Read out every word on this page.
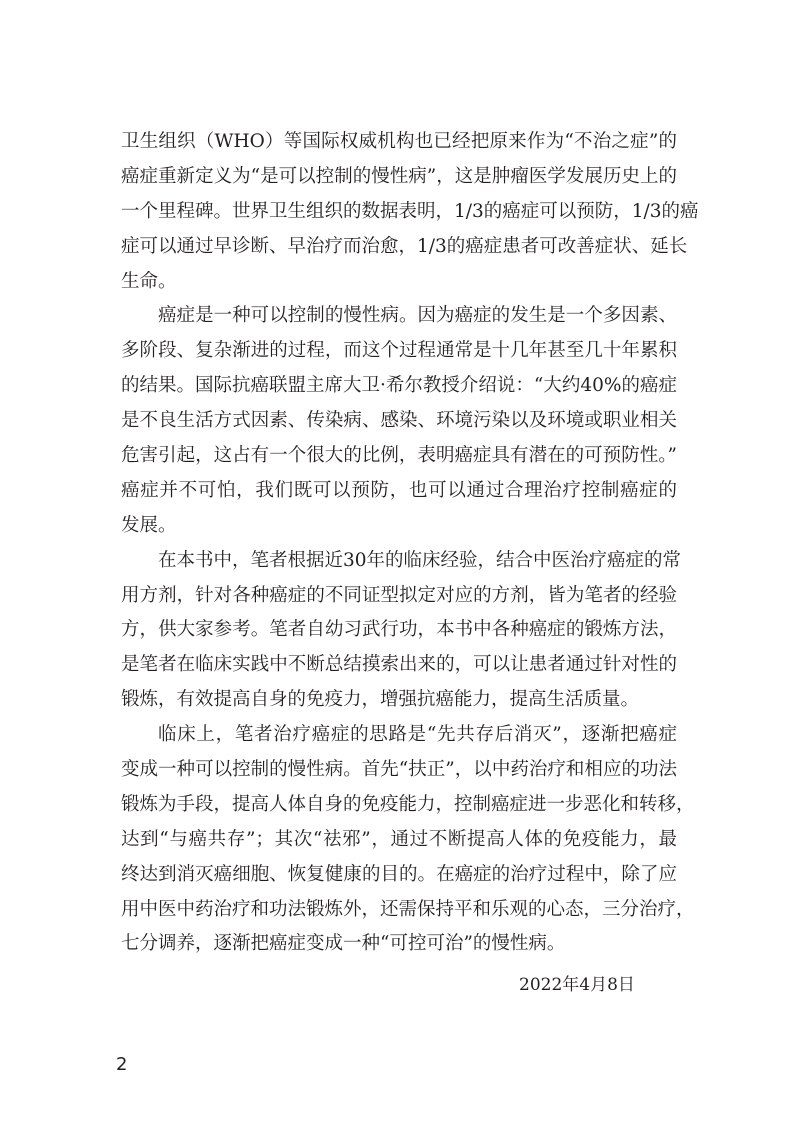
卫生组织（WHO）等国际权威机构也已经把原来作为“不治之症”的
癌症重新定义为“是可以控制的慢性病”，这是肿瘤医学发展历史上的
一个里程碑。世界卫生组织的数据表明，1/3的癌症可以预防，1/3的癌
症可以通过早诊断、早治疗而治愈，1/3的癌症患者可改善症状、延长
生命。
癌症是一种可以控制的慢性病。因为癌症的发生是一个多因素、
多阶段、复杂渐进的过程，而这个过程通常是十几年甚至几十年累积
的结果。国际抗癌联盟主席大卫·希尔教授介绍说：“大约40%的癌症
是不良生活方式因素、传染病、感染、环境污染以及环境或职业相关
危害引起，这占有一个很大的比例，表明癌症具有潜在的可预防性。”
癌症并不可怕，我们既可以预防，也可以通过合理治疗控制癌症的
发展。
在本书中，笔者根据近30年的临床经验，结合中医治疗癌症的常
用方剂，针对各种癌症的不同证型拟定对应的方剂，皆为笔者的经验
方，供大家参考。笔者自幼习武行功，本书中各种癌症的锻炼方法，
是笔者在临床实践中不断总结摸索出来的，可以让患者通过针对性的
锻炼，有效提高自身的免疫力，增强抗癌能力，提高生活质量。
临床上，笔者治疗癌症的思路是“先共存后消灭”，逐渐把癌症
变成一种可以控制的慢性病。首先“扶正”，以中药治疗和相应的功法
锻炼为手段，提高人体自身的免疫能力，控制癌症进一步恶化和转移，
达到“与癌共存”；其次“祛邪”，通过不断提高人体的免疫能力，最
终达到消灭癌细胞、恢复健康的目的。在癌症的治疗过程中，除了应
用中医中药治疗和功法锻炼外，还需保持平和乐观的心态，三分治疗，
七分调养，逐渐把癌症变成一种“可控可治”的慢性病。
2022年4月8日
2
